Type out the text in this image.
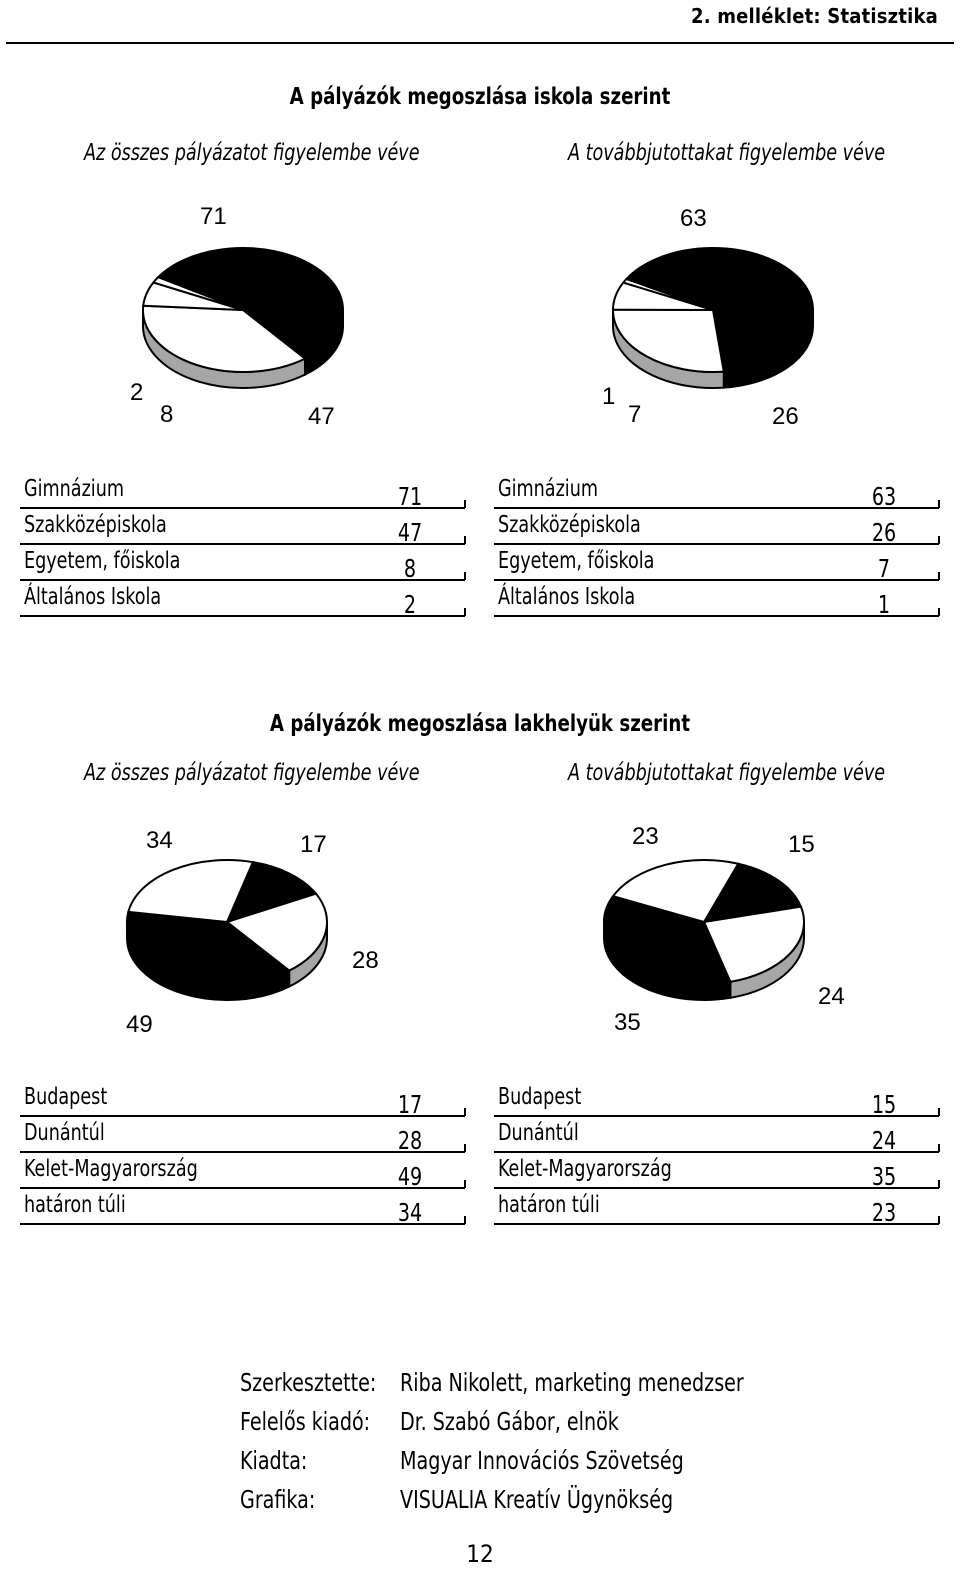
2. melléklet: Statisztika
A pályázók megoszlása iskola szerint
Az összes pályázatot figyelembe véve	A továbbjutottakat figyelembe véve
71
2
8	47
63
1
7	26
Gimnázium	71
Szakközépiskola	47
Egyetem, főiskola	8
Általános Iskola	2
Gimnázium	63
Szakközépiskola	26
Egyetem, főiskola	7
Általános Iskola	1
A pályázók megoszlása lakhelyük szerint
Az összes pályázatot figyelembe véve	A továbbjutottakat figyelembe véve
34	17
28
49
23	15
24
35
Budapest	17
Dunántúl	28
Kelet-Magyarország	49
határon túli	34
Budapest	15
Dunántúl	24
Kelet-Magyarország	35
határon túli	23
Szerkesztette: Riba Nikolett, marketing menedzser
Felelős kiadó: Dr. Szabó Gábor, elnök
Kiadta:	Magyar Innovációs Szövetség
Grafika:	VISUALIA Kreatív Ügynökség
12
